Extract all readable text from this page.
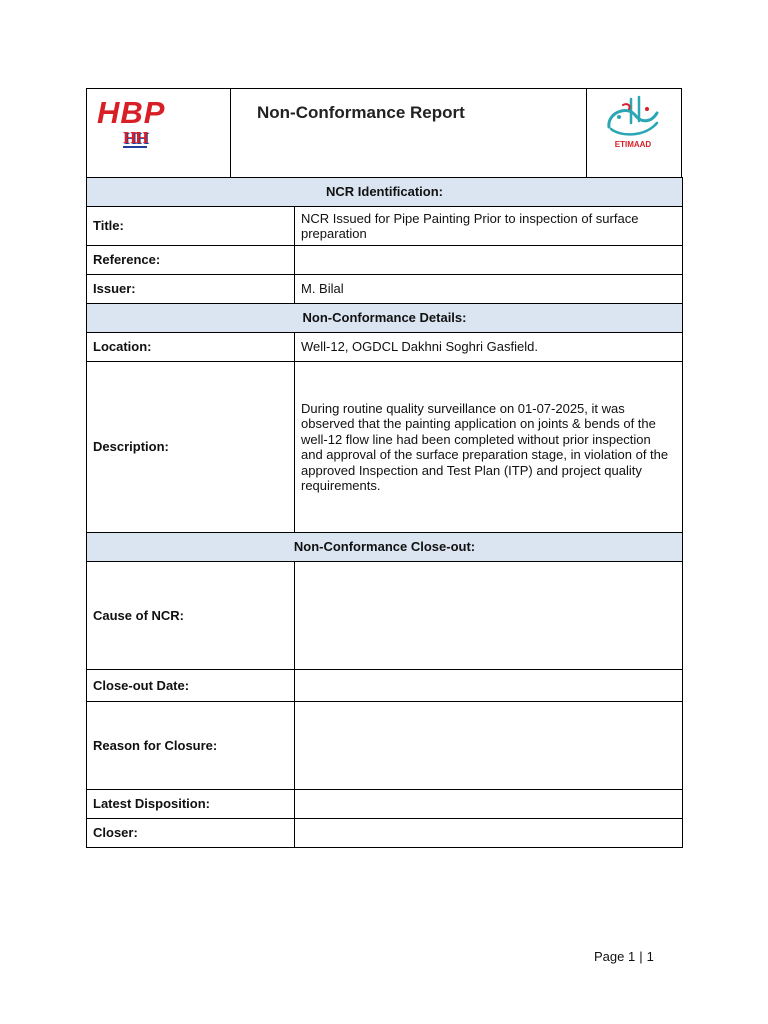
HBP
HH
Non-Conformance Report
ETIMAAD
NCR Identification:	
Title:	NCR Issued for Pipe Painting Prior to inspection of surface preparation
Reference:	
Issuer:	M. Bilal
Non-Conformance Details:	
Location:	Well-12, OGDCL Dakhni Soghri Gasfield.
Description:	During routine quality surveillance on 01-07-2025, it was observed that the painting application on joints & bends of the well-12 flow line had been completed without prior inspection and approval of the surface preparation stage, in violation of the approved Inspection and Test Plan (ITP) and project quality requirements.
Non-Conformance Close-out:	
Cause of NCR:	
Close-out Date:	
Reason for Closure:	
Latest Disposition:	
Closer:	
Page 1 | 1
